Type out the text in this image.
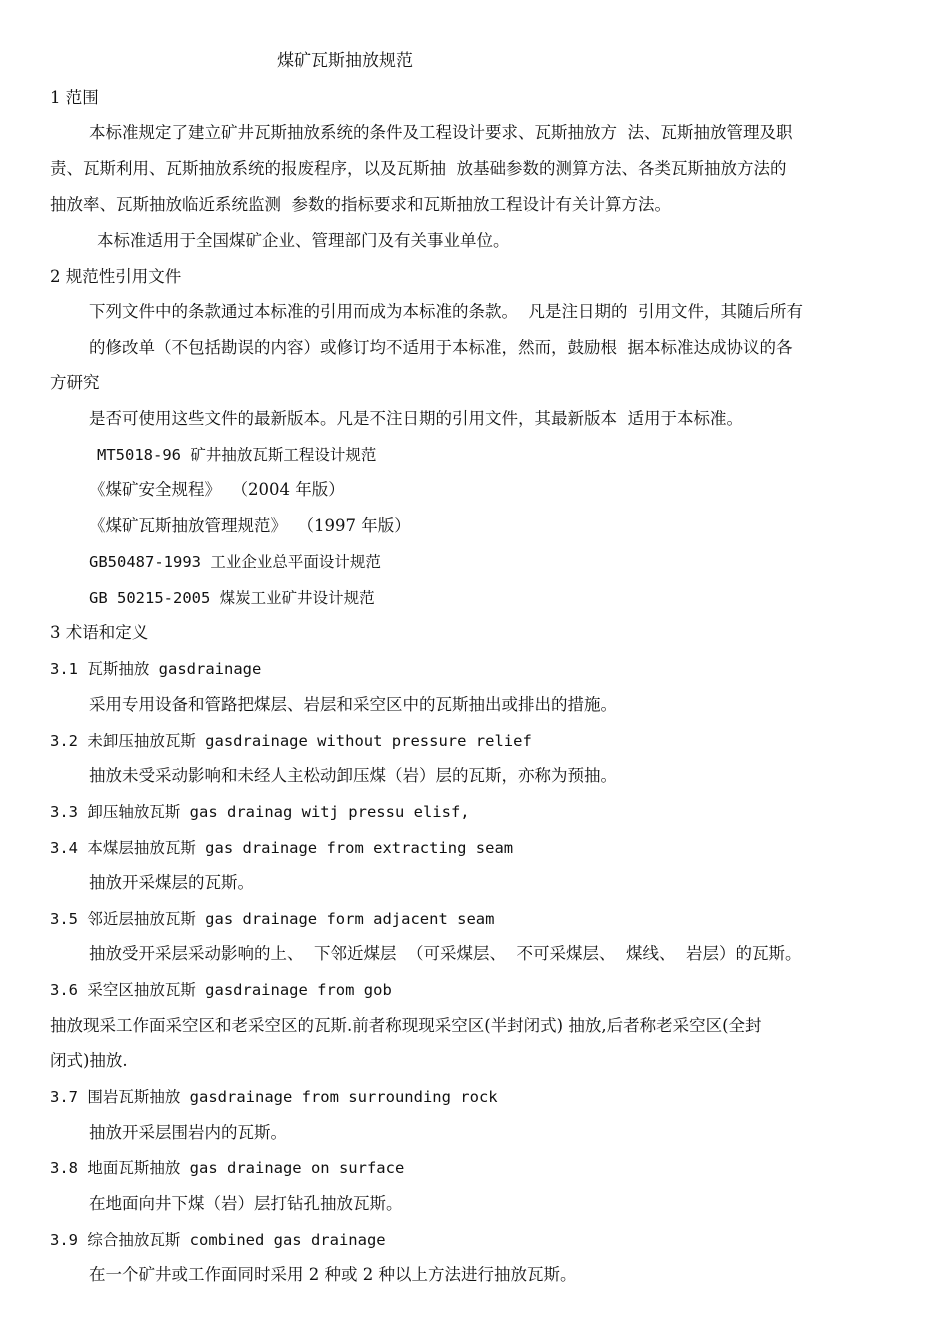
煤矿瓦斯抽放规范
1 范围
本标准规定了建立矿井瓦斯抽放系统的条件及工程设计要求、瓦斯抽放方  法、瓦斯抽放管理及职
责、瓦斯利用、瓦斯抽放系统的报废程序，以及瓦斯抽  放基础参数的测算方法、各类瓦斯抽放方法的
抽放率、瓦斯抽放临近系统监测  参数的指标要求和瓦斯抽放工程设计有关计算方法。
本标准适用于全国煤矿企业、管理部门及有关事业单位。
2 规范性引用文件
下列文件中的条款通过本标准的引用而成为本标准的条款。  凡是注日期的  引用文件，其随后所有
的修改单（不包括勘误的内容）或修订均不适用于本标准，然而，鼓励根  据本标准达成协议的各
方研究
是否可使用这些文件的最新版本。凡是不注日期的引用文件，其最新版本  适用于本标准。
MT5018-96 矿井抽放瓦斯工程设计规范
《煤矿安全规程》  （2004 年版）
《煤矿瓦斯抽放管理规范》  （1997 年版）
GB50487-1993 工业企业总平面设计规范
GB 50215-2005 煤炭工业矿井设计规范
3 术语和定义
3.1 瓦斯抽放 gasdrainage
采用专用设备和管路把煤层、岩层和采空区中的瓦斯抽出或排出的措施。
3.2 未卸压抽放瓦斯 gasdrainage without pressure relief
抽放未受采动影响和未经人主松动卸压煤（岩）层的瓦斯，亦称为预抽。
3.3 卸压轴放瓦斯 gas drainag witj pressu elisf,
3.4 本煤层抽放瓦斯 gas drainage from extracting seam
抽放开采煤层的瓦斯。
3.5 邻近层抽放瓦斯 gas drainage form adjacent seam
抽放受开采层采动影响的上、  下邻近煤层  （可采煤层、  不可采煤层、  煤线、  岩层）的瓦斯。
3.6 采空区抽放瓦斯 gasdrainage from gob
抽放现采工作面采空区和老采空区的瓦斯.前者称现现采空区(半封闭式) 抽放,后者称老采空区(全封
闭式)抽放.
3.7 围岩瓦斯抽放 gasdrainage from surrounding rock
抽放开采层围岩内的瓦斯。
3.8 地面瓦斯抽放 gas drainage on surface
在地面向井下煤（岩）层打钻孔抽放瓦斯。
3.9 综合抽放瓦斯 combined gas drainage
在一个矿井或工作面同时采用 2 种或 2 种以上方法进行抽放瓦斯。
